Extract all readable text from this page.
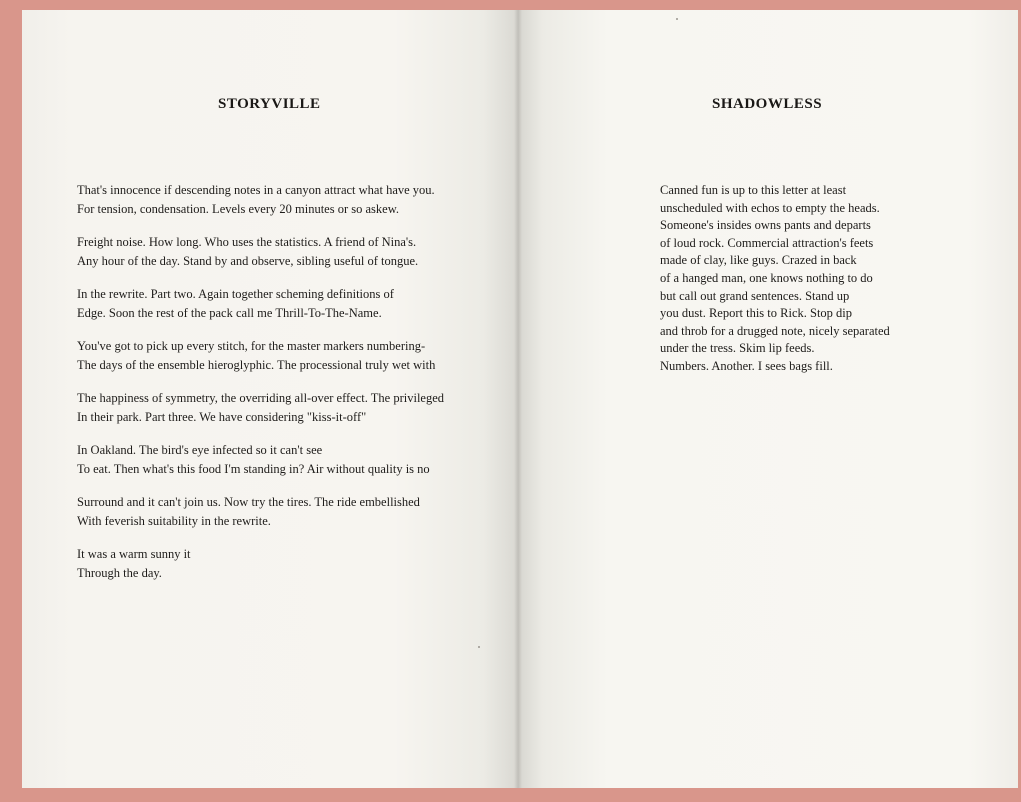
STORYVILLE

That's innocence if descending notes in a canyon attract what have you.
For tension, condensation. Levels every 20 minutes or so askew.

Freight noise. How long. Who uses the statistics. A friend of Nina's.
Any hour of the day. Stand by and observe, sibling useful of tongue.

In the rewrite. Part two. Again together scheming definitions of
Edge. Soon the rest of the pack call me Thrill-To-The-Name.

You've got to pick up every stitch, for the master markers numbering-
The days of the ensemble hieroglyphic. The processional truly wet with

The happiness of symmetry, the overriding all-over effect. The privileged
In their park. Part three. We have considering "kiss-it-off"

In Oakland. The bird's eye infected so it can't see
To eat. Then what's this food I'm standing in? Air without quality is no

Surround and it can't join us. Now try the tires. The ride embellished
With feverish suitability in the rewrite.

It was a warm sunny it
Through the day.

SHADOWLESS
Canned fun is up to this letter at least
unscheduled with echos to empty the heads.
Someone's insides owns pants and departs
of loud rock. Commercial attraction's feets
made of clay, like guys. Crazed in back
of a hanged man, one knows nothing to do
but call out grand sentences. Stand up
you dust. Report this to Rick. Stop dip
and throb for a drugged note, nicely separated
under the tress. Skim lip feeds.
Numbers. Another. I sees bags fill.
